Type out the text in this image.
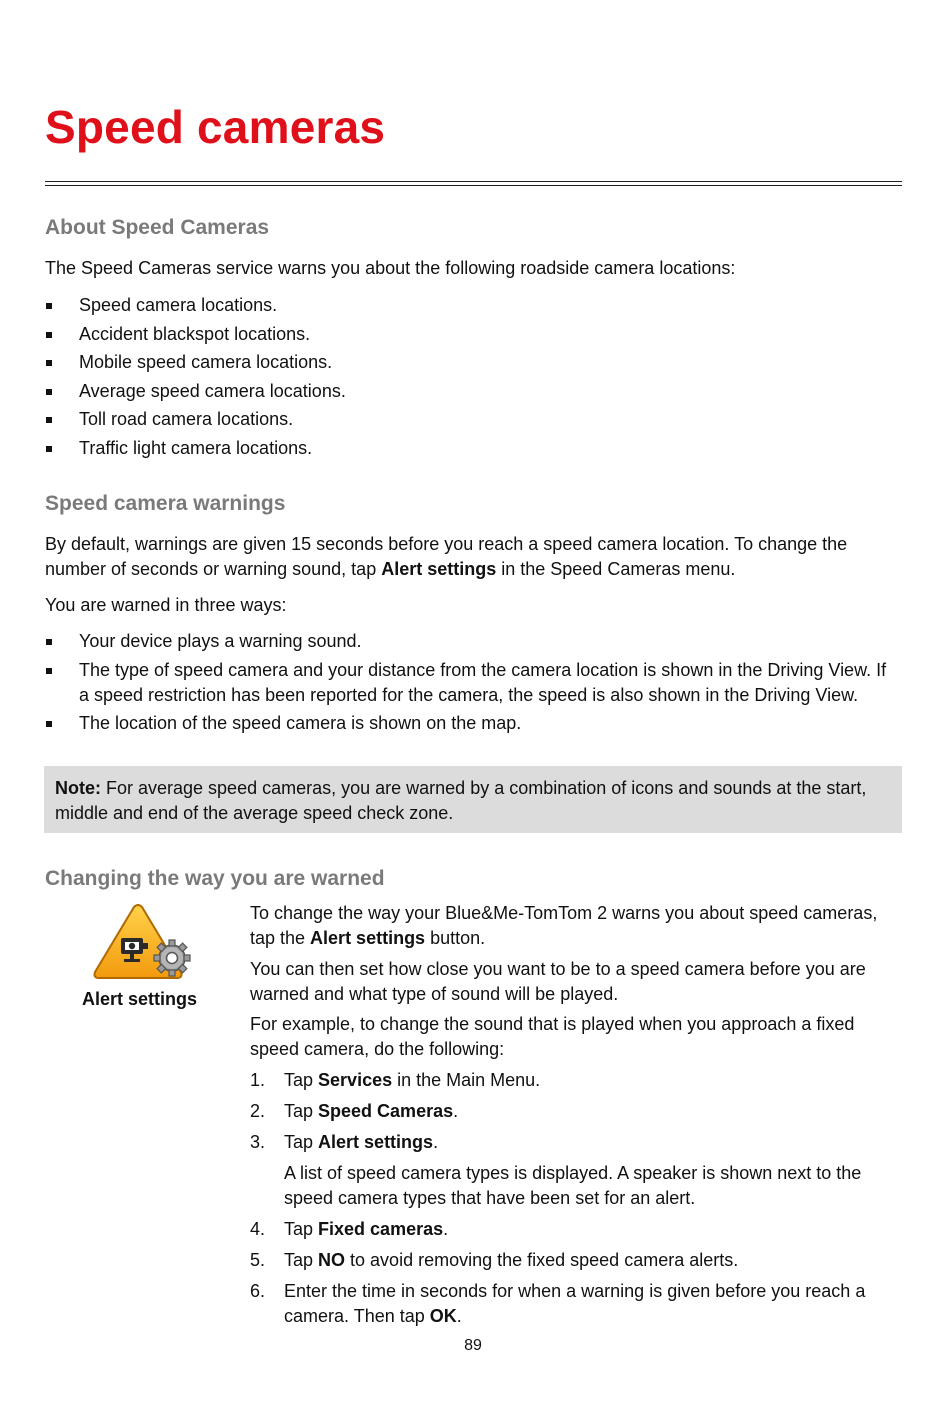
Speed cameras
About Speed Cameras

The Speed Cameras service warns you about the following roadside camera locations:

Speed camera locations.
Accident blackspot locations.
Mobile speed camera locations.
Average speed camera locations.
Toll road camera locations.
Traffic light camera locations.
Speed camera warnings

By default, warnings are given 15 seconds before you reach a speed camera location. To change the number of seconds or warning sound, tap Alert settings in the Speed Cameras menu.

You are warned in three ways:

Your device plays a warning sound.
The type of speed camera and your distance from the camera location is shown in the Driving View. If a speed restriction has been reported for the camera, the speed is also shown in the Driving View.
The location of the speed camera is shown on the map.

Note: For average speed cameras, you are warned by a combination of icons and sounds at the start, middle and end of the average speed check zone.

Changing the way you are warned
Alert settings

To change the way your Blue&Me-TomTom 2 warns you about speed cameras, tap the Alert settings button.

You can then set how close you want to be to a speed camera before you are warned and what type of sound will be played.

For example, to change the sound that is played when you approach a fixed speed camera, do the following:

1. Tap Services in the Main Menu.
2. Tap Speed Cameras.
3. Tap Alert settings.
A list of speed camera types is displayed. A speaker is shown next to the speed camera types that have been set for an alert.
4. Tap Fixed cameras.
5. Tap NO to avoid removing the fixed speed camera alerts.
6. Enter the time in seconds for when a warning is given before you reach a camera. Then tap OK.
89
